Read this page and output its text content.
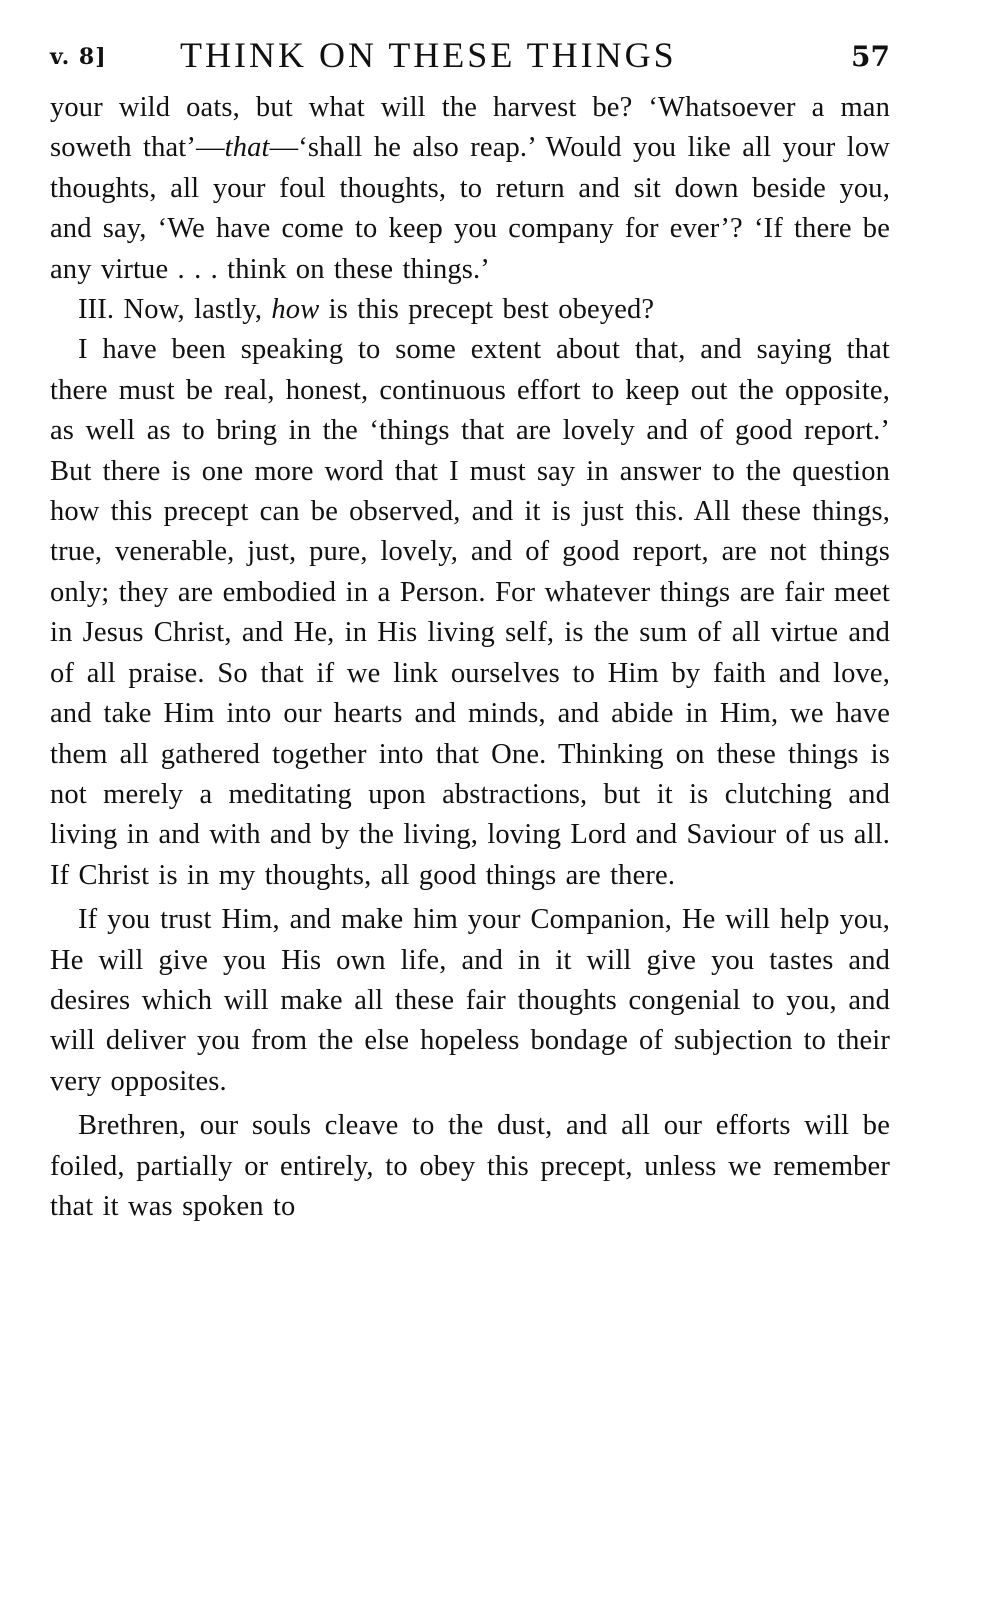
v. 8] THINK ON THESE THINGS	57

your wild oats, but what will the harvest be? ‘Whatsoever a man soweth that’—that—‘shall he also reap.’ Would you like all your low thoughts, all your foul thoughts, to return and sit down beside you, and say, ‘We have come to keep you company for ever’? ‘If there be any virtue . . . think on these things.’

III. Now, lastly, how is this precept best obeyed?

I have been speaking to some extent about that, and saying that there must be real, honest, continuous effort to keep out the opposite, as well as to bring in the ‘things that are lovely and of good report.’ But there is one more word that I must say in answer to the question how this precept can be observed, and it is just this. All these things, true, venerable, just, pure, lovely, and of good report, are not things only; they are embodied in a Person. For whatever things are fair meet in Jesus Christ, and He, in His living self, is the sum of all virtue and of all praise. So that if we link ourselves to Him by faith and love, and take Him into our hearts and minds, and abide in Him, we have them all gathered together into that One. Thinking on these things is not merely a meditating upon abstractions, but it is clutching and living in and with and by the living, loving Lord and Saviour of us all. If Christ is in my thoughts, all good things are there.

If you trust Him, and make him your Companion, He will help you, He will give you His own life, and in it will give you tastes and desires which will make all these fair thoughts congenial to you, and will deliver you from the else hopeless bondage of subjection to their very opposites.

Brethren, our souls cleave to the dust, and all our efforts will be foiled, partially or entirely, to obey this precept, unless we remember that it was spoken to
